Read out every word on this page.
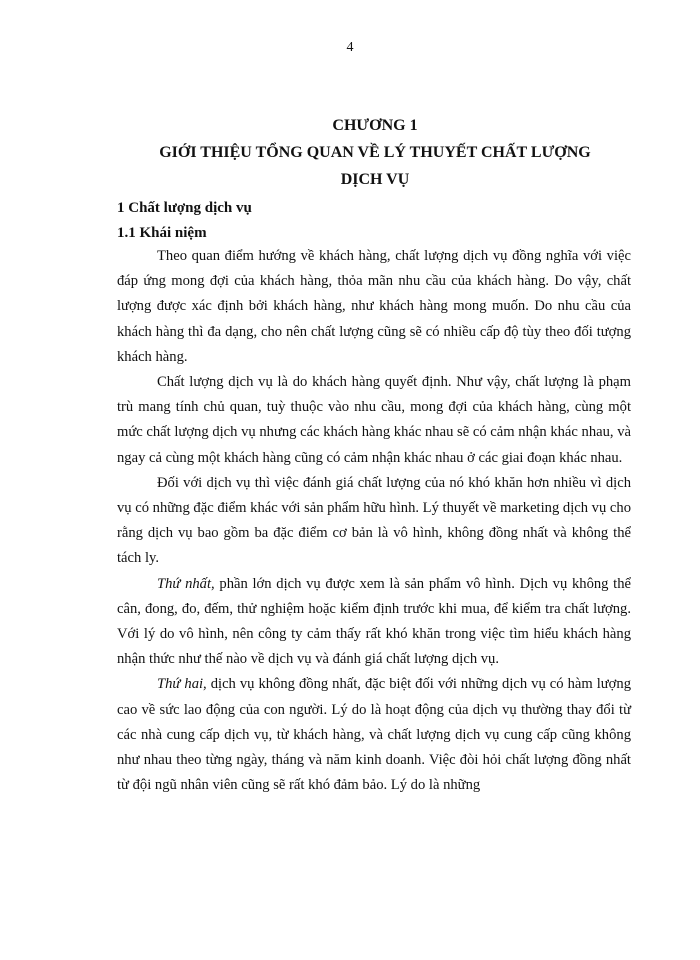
4
CHƯƠNG 1
GIỚI THIỆU TỔNG QUAN VỀ LÝ THUYẾT CHẤT LƯỢNG
DỊCH VỤ
1 Chất lượng dịch vụ
1.1 Khái niệm

Theo quan điểm hướng về khách hàng, chất lượng dịch vụ đồng nghĩa với việc đáp ứng mong đợi của khách hàng, thỏa mãn nhu cầu của khách hàng. Do vậy, chất lượng được xác định bởi khách hàng, như khách hàng mong muốn. Do nhu cầu của khách hàng thì đa dạng, cho nên chất lượng cũng sẽ có nhiều cấp độ tùy theo đối tượng khách hàng.

Chất lượng dịch vụ là do khách hàng quyết định. Như vậy, chất lượng là phạm trù mang tính chủ quan, tuỳ thuộc vào nhu cầu, mong đợi của khách hàng, cùng một mức chất lượng dịch vụ nhưng các khách hàng khác nhau sẽ có cảm nhận khác nhau, và ngay cả cùng một khách hàng cũng có cảm nhận khác nhau ở các giai đoạn khác nhau.

Đối với dịch vụ thì việc đánh giá chất lượng của nó khó khăn hơn nhiều vì dịch vụ có những đặc điểm khác với sản phẩm hữu hình. Lý thuyết về marketing dịch vụ cho rằng dịch vụ bao gồm ba đặc điểm cơ bản là vô hình, không đồng nhất và không thể tách ly.

Thứ nhất, phần lớn dịch vụ được xem là sản phẩm vô hình. Dịch vụ không thể cân, đong, đo, đếm, thử nghiệm hoặc kiểm định trước khi mua, để kiểm tra chất lượng. Với lý do vô hình, nên công ty cảm thấy rất khó khăn trong việc tìm hiểu khách hàng nhận thức như thế nào về dịch vụ và đánh giá chất lượng dịch vụ.

Thứ hai, dịch vụ không đồng nhất, đặc biệt đối với những dịch vụ có hàm lượng cao về sức lao động của con người. Lý do là hoạt động của dịch vụ thường thay đổi từ các nhà cung cấp dịch vụ, từ khách hàng, và chất lượng dịch vụ cung cấp cũng không như nhau theo từng ngày, tháng và năm kinh doanh. Việc đòi hỏi chất lượng đồng nhất từ đội ngũ nhân viên cũng sẽ rất khó đảm bảo. Lý do là những
